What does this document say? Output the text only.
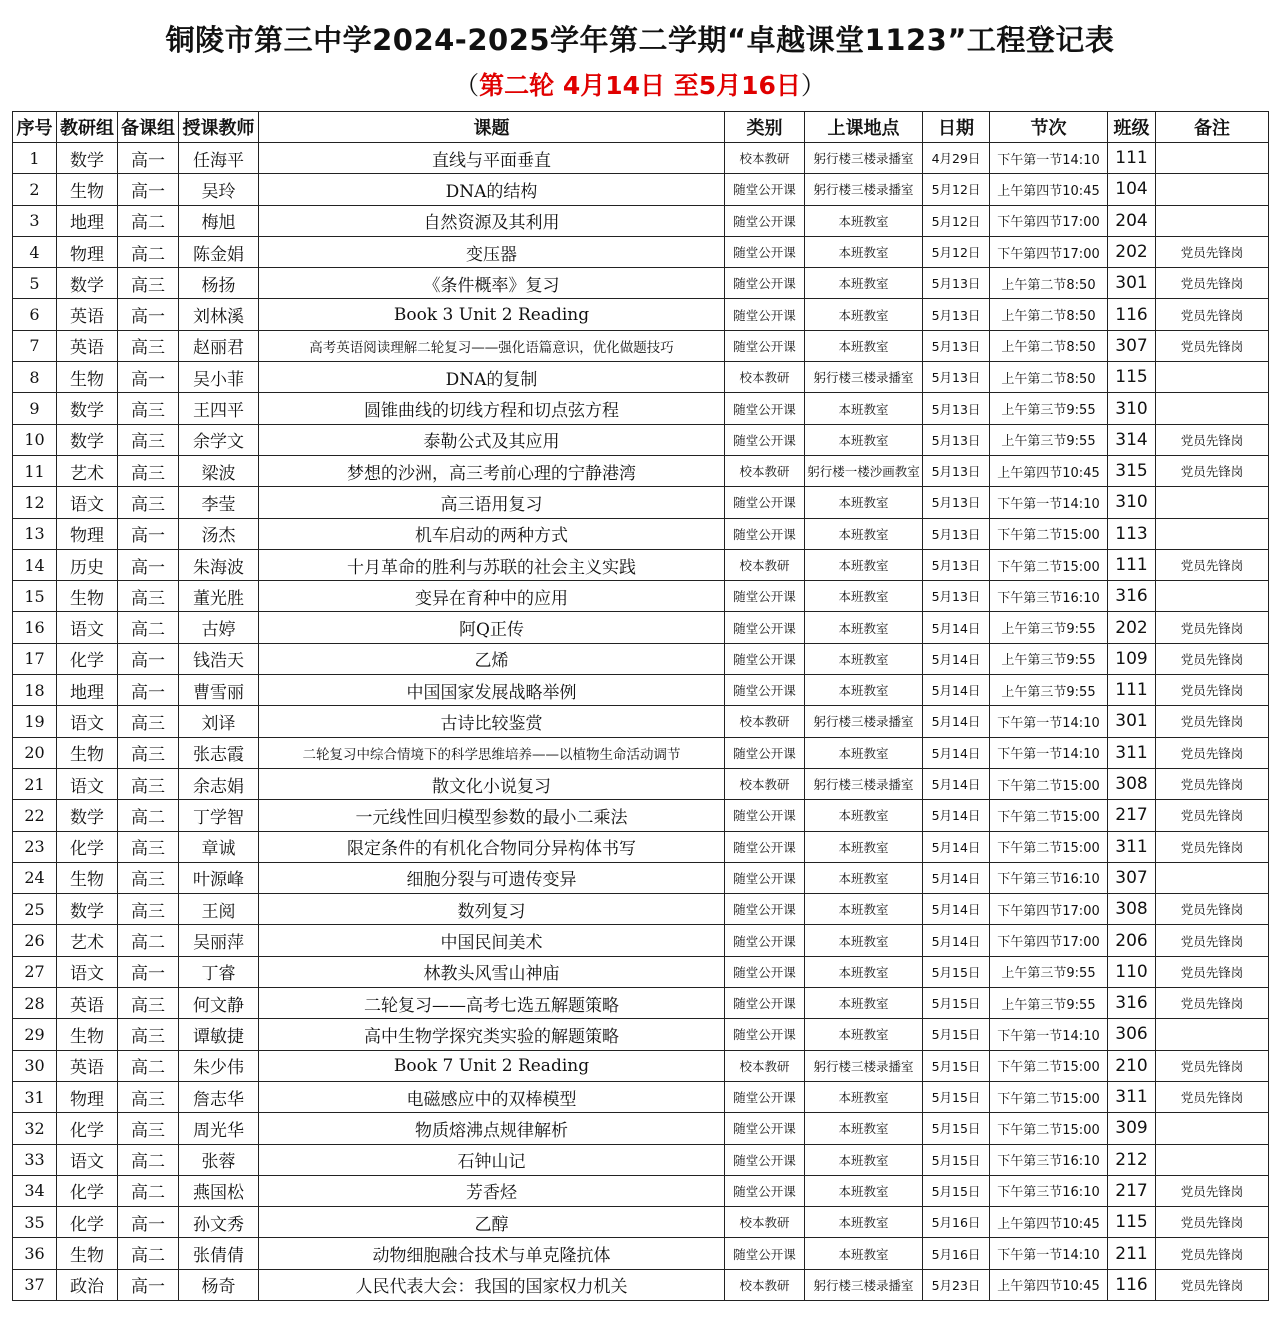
铜陵市第三中学2024-2025学年第二学期“卓越课堂1123”工程登记表
（第二轮 4月14日 至5月16日）
序号	教研组	备课组	授课教师	课题	类别	上课地点	日期	节次	班级	备注
1	数学	高一	任海平	直线与平面垂直	校本教研	躬行楼三楼录播室	4月29日	下午第一节14:10	111	
2	生物	高一	吴玲	DNA的结构	随堂公开课	躬行楼三楼录播室	5月12日	上午第四节10:45	104	
3	地理	高二	梅旭	自然资源及其利用	随堂公开课	本班教室	5月12日	下午第四节17:00	204	
4	物理	高二	陈金娟	变压器	随堂公开课	本班教室	5月12日	下午第四节17:00	202	党员先锋岗
5	数学	高三	杨扬	《条件概率》复习	随堂公开课	本班教室	5月13日	上午第二节8:50	301	党员先锋岗
6	英语	高一	刘林溪	Book 3 Unit 2 Reading	随堂公开课	本班教室	5月13日	上午第二节8:50	116	党员先锋岗
7	英语	高三	赵丽君	高考英语阅读理解二轮复习——强化语篇意识，优化做题技巧	随堂公开课	本班教室	5月13日	上午第二节8:50	307	党员先锋岗
8	生物	高一	吴小菲	DNA的复制	校本教研	躬行楼三楼录播室	5月13日	上午第二节8:50	115	
9	数学	高三	王四平	圆锥曲线的切线方程和切点弦方程	随堂公开课	本班教室	5月13日	上午第三节9:55	310	
10	数学	高三	余学文	泰勒公式及其应用	随堂公开课	本班教室	5月13日	上午第三节9:55	314	党员先锋岗
11	艺术	高三	梁波	梦想的沙洲，高三考前心理的宁静港湾	校本教研	躬行楼一楼沙画教室	5月13日	上午第四节10:45	315	党员先锋岗
12	语文	高三	李莹	高三语用复习	随堂公开课	本班教室	5月13日	下午第一节14:10	310	
13	物理	高一	汤杰	机车启动的两种方式	随堂公开课	本班教室	5月13日	下午第二节15:00	113	
14	历史	高一	朱海波	十月革命的胜利与苏联的社会主义实践	校本教研	本班教室	5月13日	下午第二节15:00	111	党员先锋岗
15	生物	高三	董光胜	变异在育种中的应用	随堂公开课	本班教室	5月13日	下午第三节16:10	316	
16	语文	高二	古婷	阿Q正传	随堂公开课	本班教室	5月14日	上午第三节9:55	202	党员先锋岗
17	化学	高一	钱浩天	乙烯	随堂公开课	本班教室	5月14日	上午第三节9:55	109	党员先锋岗
18	地理	高一	曹雪丽	中国国家发展战略举例	随堂公开课	本班教室	5月14日	上午第三节9:55	111	党员先锋岗
19	语文	高三	刘译	古诗比较鉴赏	校本教研	躬行楼三楼录播室	5月14日	下午第一节14:10	301	党员先锋岗
20	生物	高三	张志霞	二轮复习中综合情境下的科学思维培养——以植物生命活动调节	随堂公开课	本班教室	5月14日	下午第一节14:10	311	党员先锋岗
21	语文	高三	余志娟	散文化小说复习	校本教研	躬行楼三楼录播室	5月14日	下午第二节15:00	308	党员先锋岗
22	数学	高二	丁学智	一元线性回归模型参数的最小二乘法	随堂公开课	本班教室	5月14日	下午第二节15:00	217	党员先锋岗
23	化学	高三	章诚	限定条件的有机化合物同分异构体书写	随堂公开课	本班教室	5月14日	下午第二节15:00	311	党员先锋岗
24	生物	高三	叶源峰	细胞分裂与可遗传变异	随堂公开课	本班教室	5月14日	下午第三节16:10	307	
25	数学	高三	王阅	数列复习	随堂公开课	本班教室	5月14日	下午第四节17:00	308	党员先锋岗
26	艺术	高二	吴丽萍	中国民间美术	随堂公开课	本班教室	5月14日	下午第四节17:00	206	党员先锋岗
27	语文	高一	丁睿	林教头风雪山神庙	随堂公开课	本班教室	5月15日	上午第三节9:55	110	党员先锋岗
28	英语	高三	何文静	二轮复习——高考七选五解题策略	随堂公开课	本班教室	5月15日	上午第三节9:55	316	党员先锋岗
29	生物	高三	谭敏捷	高中生物学探究类实验的解题策略	随堂公开课	本班教室	5月15日	下午第一节14:10	306	
30	英语	高二	朱少伟	Book 7 Unit 2 Reading	校本教研	躬行楼三楼录播室	5月15日	下午第二节15:00	210	党员先锋岗
31	物理	高三	詹志华	电磁感应中的双棒模型	随堂公开课	本班教室	5月15日	下午第二节15:00	311	党员先锋岗
32	化学	高三	周光华	物质熔沸点规律解析	随堂公开课	本班教室	5月15日	下午第二节15:00	309	
33	语文	高二	张蓉	石钟山记	随堂公开课	本班教室	5月15日	下午第三节16:10	212	
34	化学	高二	燕国松	芳香烃	随堂公开课	本班教室	5月15日	下午第三节16:10	217	党员先锋岗
35	化学	高一	孙文秀	乙醇	校本教研	本班教室	5月16日	上午第四节10:45	115	党员先锋岗
36	生物	高二	张倩倩	动物细胞融合技术与单克隆抗体	随堂公开课	本班教室	5月16日	下午第一节14:10	211	党员先锋岗
37	政治	高一	杨奇	人民代表大会：我国的国家权力机关	校本教研	躬行楼三楼录播室	5月23日	上午第四节10:45	116	党员先锋岗
